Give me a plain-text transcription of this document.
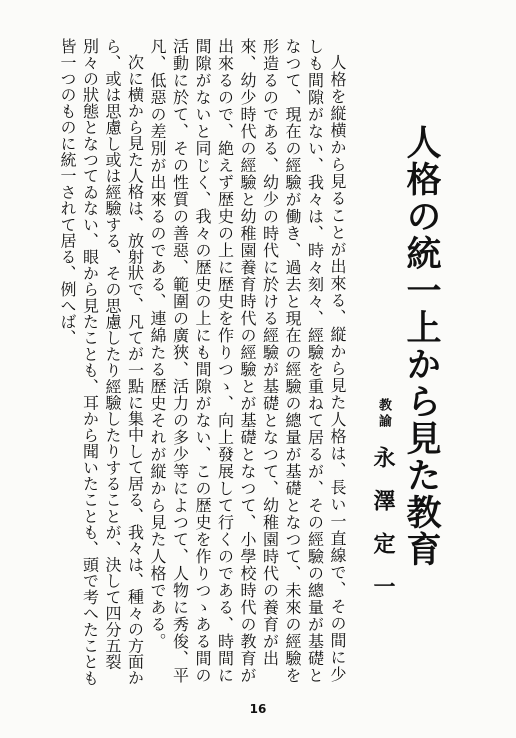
人格の統一上から見た教育
教諭
永澤定一

人格を縦横から見ることが出來る、縦から見た人格は、長い一直線で、その間に少しも間隙がない、我々は、時々刻々、經驗を重ねて居るが、その經驗の總量が基礎となつて、現在の經驗が働き、過去と現在の經驗の總量が基礎となつて、未來の經驗を形造るのである、幼少の時代に於ける經驗が基礎となつて、幼稚園時代の養育が出來、幼少時代の經驗と幼稚園養育時代の經驗とが基礎となつて、小學校時代の教育が出來るので、絶えず歴史の上に歴史を作りつゝ、向上發展して行くのである、時間に間隙がないと同じく、我々の歴史の上にも間隙がない、この歴史を作りつゝある間の活動に於て、その性質の善惡、範圍の廣狹、活力の多少等によつて、人物に秀俊、平凡、低惡の差別が出來るのである、連綿たる歴史それが縦から見た人格である。

次に横から見た人格は、放射狀で、凡てが一點に集中して居る、我々は、種々の方面から、或は思慮し或は經驗する、その思慮したり經驗したりすることが、決して四分五裂別々の狀態となつてゐない、眼から見たことも、耳から聞いたことも、頭で考へたことも皆一つのものに統一されて居る、例へば、

16
